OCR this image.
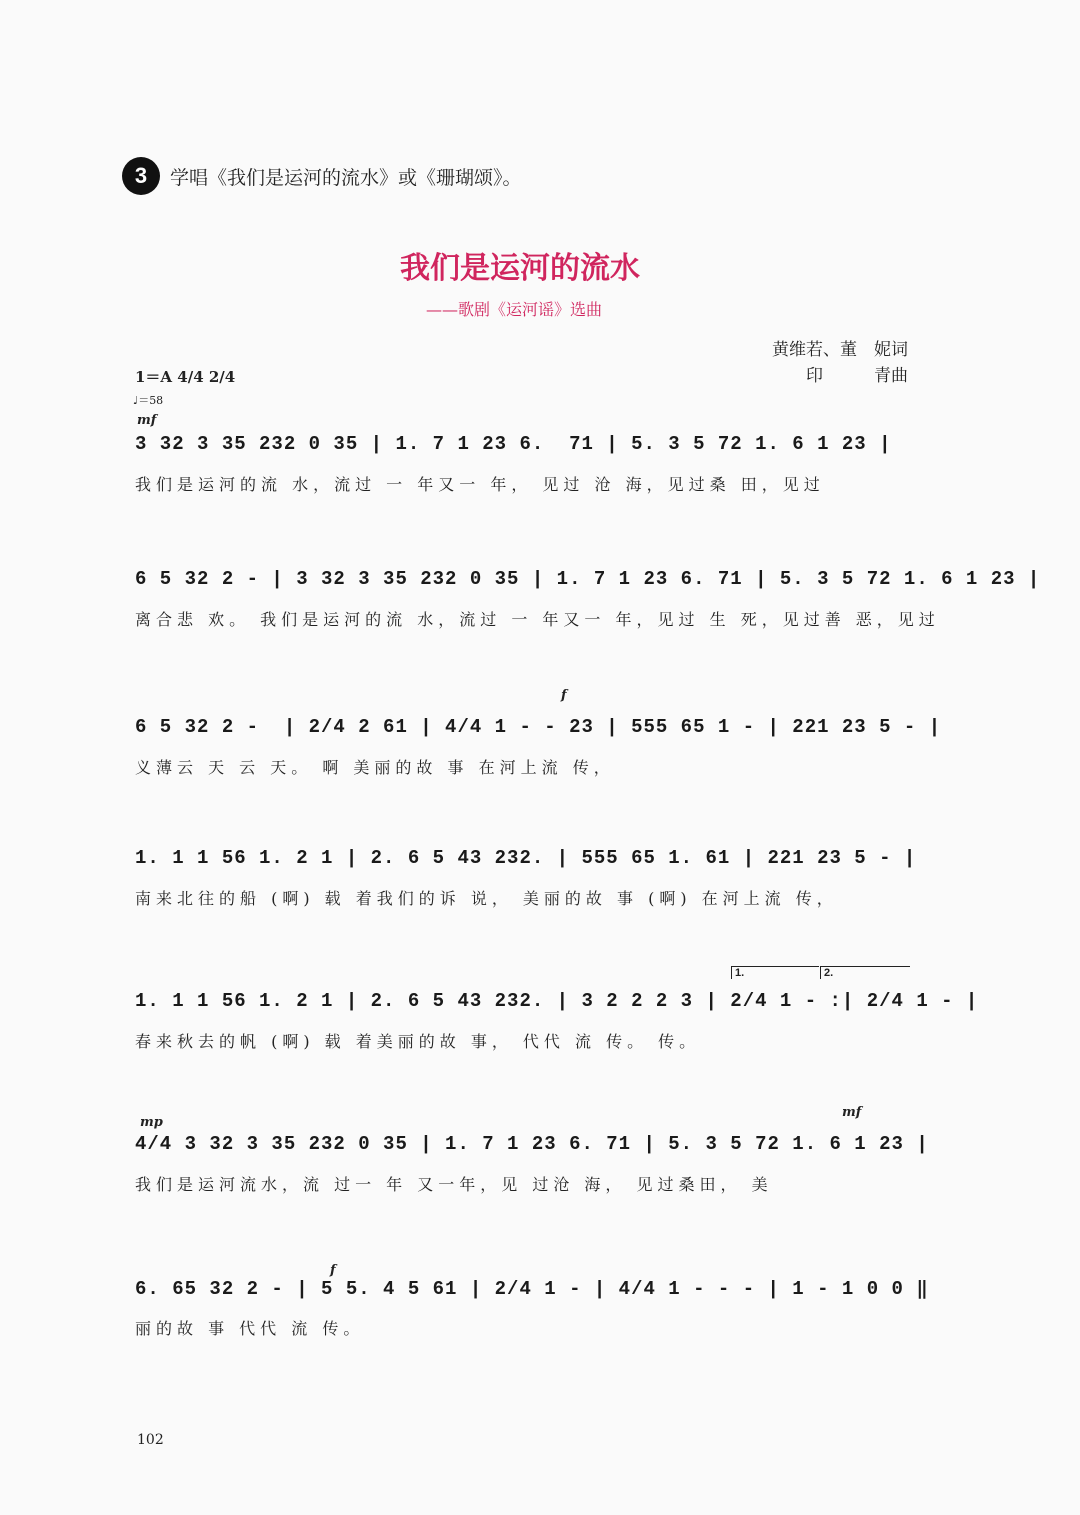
3	学唱《我们是运河的流水》或《珊瑚颂》。
我们是运河的流水
——歌剧《运河谣》选曲
黄维若、董　妮词
印　　　青曲
1＝A 4/4 2/4
♩＝58
mf
f
mp
mf
f
1.	2.
3 32 3 35 232 0 35 | 1. 7 1 23 6.  71 | 5. 3 5 72 1. 6 1 23 |
我们是运河的流 水，流过 一 年又一 年， 见过 沧 海，见过桑 田，见过
6 5 32 2 - | 3 32 3 35 232 0 35 | 1. 7 1 23 6. 71 | 5. 3 5 72 1. 6 1 23 |
离合悲 欢。 我们是运河的流 水，流过 一 年又一 年，见过 生 死，见过善 恶，见过
6 5 32 2 -  | 2/4 2 61 | 4/4 1 - - 23 | 555 65 1 - | 221 23 5 - |
义薄云 天 云 天。 啊 美丽的故 事 在河上流 传，
1. 1 1 56 1. 2 1 | 2. 6 5 43 232. | 555 65 1. 61 | 221 23 5 - |
南来北往的船 (啊) 载 着我们的诉 说， 美丽的故 事 (啊) 在河上流 传，
1. 1 1 56 1. 2 1 | 2. 6 5 43 232. | 3 2 2 2 3 | 2/4 1 - :| 2/4 1 - |
春来秋去的帆 (啊) 载 着美丽的故 事， 代代 流 传。 传。
4/4 3 32 3 35 232 0 35 | 1. 7 1 23 6. 71 | 5. 3 5 72 1. 6 1 23 |
我们是运河流水，流 过一 年 又一年，见 过沧 海， 见过桑田， 美
6. 65 32 2 - | 5 5. 4 5 61 | 2/4 1 - | 4/4 1 - - - | 1 - 1 0 0 ‖
丽的故 事 代代 流 传。
102
